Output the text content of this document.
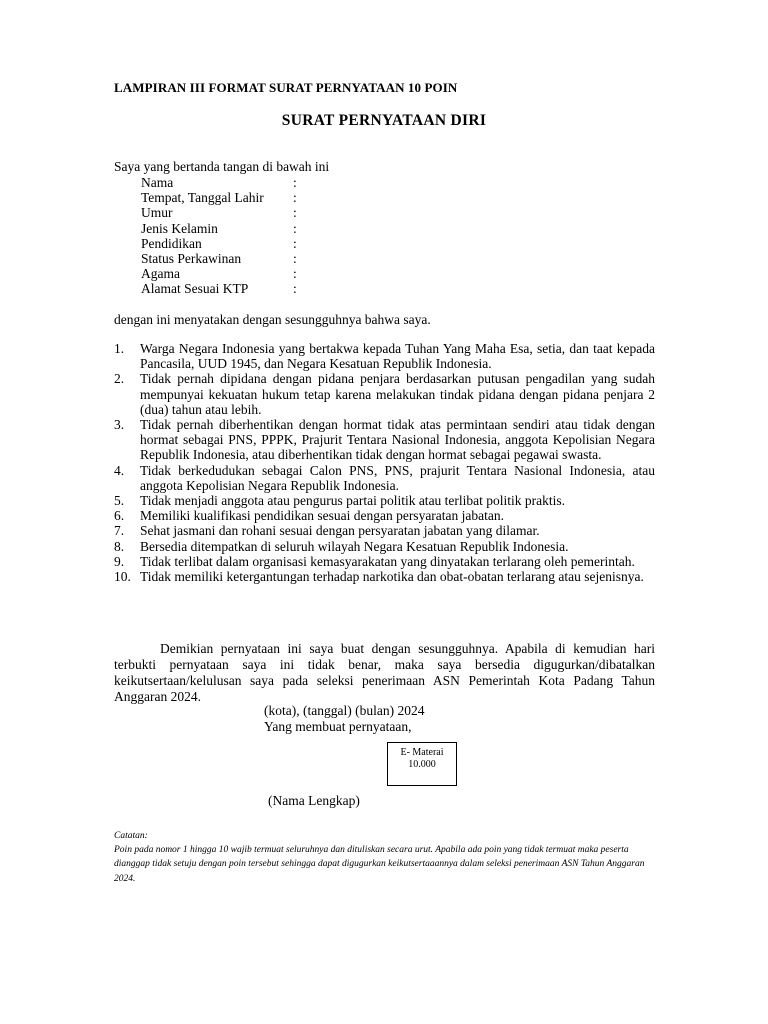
LAMPIRAN III FORMAT SURAT PERNYATAAN 10 POIN
SURAT PERNYATAAN DIRI
Saya yang bertanda tangan di bawah ini
Nama	:
Tempat, Tanggal Lahir :
Umur	:
Jenis Kelamin	:
Pendidikan	:
Status Perkawinan	:
Agama	:
Alamat Sesuai KTP	:
dengan ini menyatakan dengan sesungguhnya bahwa saya.
1.	Warga Negara Indonesia yang bertakwa kepada Tuhan Yang Maha Esa, setia, dan taat kepada Pancasila, UUD 1945, dan Negara Kesatuan Republik Indonesia.
2.	Tidak pernah dipidana dengan pidana penjara berdasarkan putusan pengadilan yang sudah mempunyai kekuatan hukum tetap karena melakukan tindak pidana dengan pidana penjara 2 (dua) tahun atau lebih.
3.	Tidak pernah diberhentikan dengan hormat tidak atas permintaan sendiri atau tidak dengan hormat sebagai PNS, PPPK, Prajurit Tentara Nasional Indonesia, anggota Kepolisian Negara Republik Indonesia, atau diberhentikan tidak dengan hormat sebagai pegawai swasta.
4.	Tidak berkedudukan sebagai Calon PNS, PNS, prajurit Tentara Nasional Indonesia, atau anggota Kepolisian Negara Republik Indonesia.
5.	Tidak menjadi anggota atau pengurus partai politik atau terlibat politik praktis.
6.	Memiliki kualifikasi pendidikan sesuai dengan persyaratan jabatan.
7.	Sehat jasmani dan rohani sesuai dengan persyaratan jabatan yang dilamar.
8.	Bersedia ditempatkan di seluruh wilayah Negara Kesatuan Republik Indonesia.
9.	Tidak terlibat dalam organisasi kemasyarakatan yang dinyatakan terlarang oleh pemerintah.
10. Tidak memiliki ketergantungan terhadap narkotika dan obat-obatan terlarang atau sejenisnya.

Demikian pernyataan ini saya buat dengan sesungguhnya. Apabila di kemudian hari terbukti pernyataan saya ini tidak benar, maka saya bersedia digugurkan/dibatalkan keikutsertaan/kelulusan saya pada seleksi penerimaan ASN Pemerintah Kota Padang Tahun Anggaran 2024.

(kota), (tanggal) (bulan) 2024
Yang membuat pernyataan,
E- Materai
10.000
(Nama Lengkap)
Catatan:
Poin pada nomor 1 hingga 10 wajib termuat seluruhnya dan dituliskan secara urut. Apabila ada poin yang tidak termuat maka peserta dianggap tidak setuju dengan poin tersebut sehingga dapat digugurkan keikutsertaaannya dalam seleksi penerimaan ASN Tahun Anggaran 2024.
